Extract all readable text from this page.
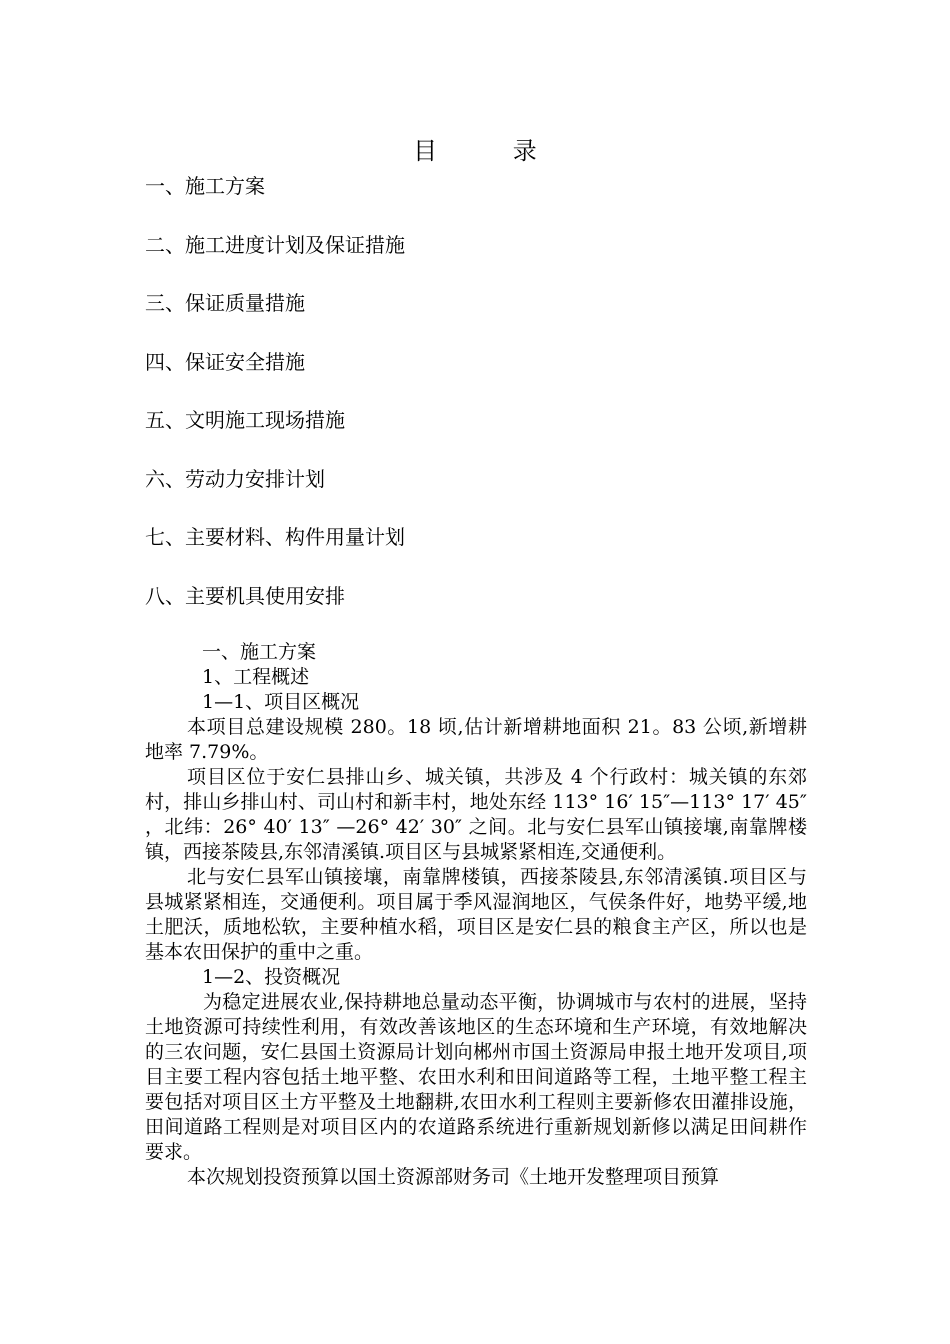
目 录
一、施工方案
二、施工进度计划及保证措施
三、保证质量措施
四、保证安全措施
五、文明施工现场措施
六、劳动力安排计划
七、主要材料、构件用量计划
八、主要机具使用安排

一、施工方案

1、工程概述

1—1、项目区概况

本项目总建设规模 280。18 顷,估计新增耕地面积 21。83 公顷,新增耕地率 7.79%。

项目区位于安仁县排山乡、城关镇，共涉及 4 个行政村：城关镇的东郊村，排山乡排山村、司山村和新丰村，地处东经 113° 16′ 15″—113° 17′ 45″ ，北纬：26° 40′ 13″ —26° 42′ 30″ 之间。北与安仁县军山镇接壤,南靠牌楼镇，西接茶陵县,东邻清溪镇.项目区与县城紧紧相连,交通便利。

北与安仁县军山镇接壤，南靠牌楼镇，西接茶陵县,东邻清溪镇.项目区与县城紧紧相连，交通便利。项目属于季风湿润地区，气侯条件好，地势平缓,地土肥沃，质地松软，主要种植水稻，项目区是安仁县的粮食主产区，所以也是基本农田保护的重中之重。

1—2、投资概况

为稳定进展农业,保持耕地总量动态平衡，协调城市与农村的进展，坚持土地资源可持续性利用，有效改善该地区的生态环境和生产环境，有效地解决的三农问题，安仁县国土资源局计划向郴州市国土资源局申报土地开发项目,项目主要工程内容包括土地平整、农田水利和田间道路等工程，土地平整工程主要包括对项目区土方平整及土地翻耕,农田水利工程则主要新修农田灌排设施，田间道路工程则是对项目区内的农道路系统进行重新规划新修以满足田间耕作要求。

本次规划投资预算以国土资源部财务司《土地开发整理项目预算
